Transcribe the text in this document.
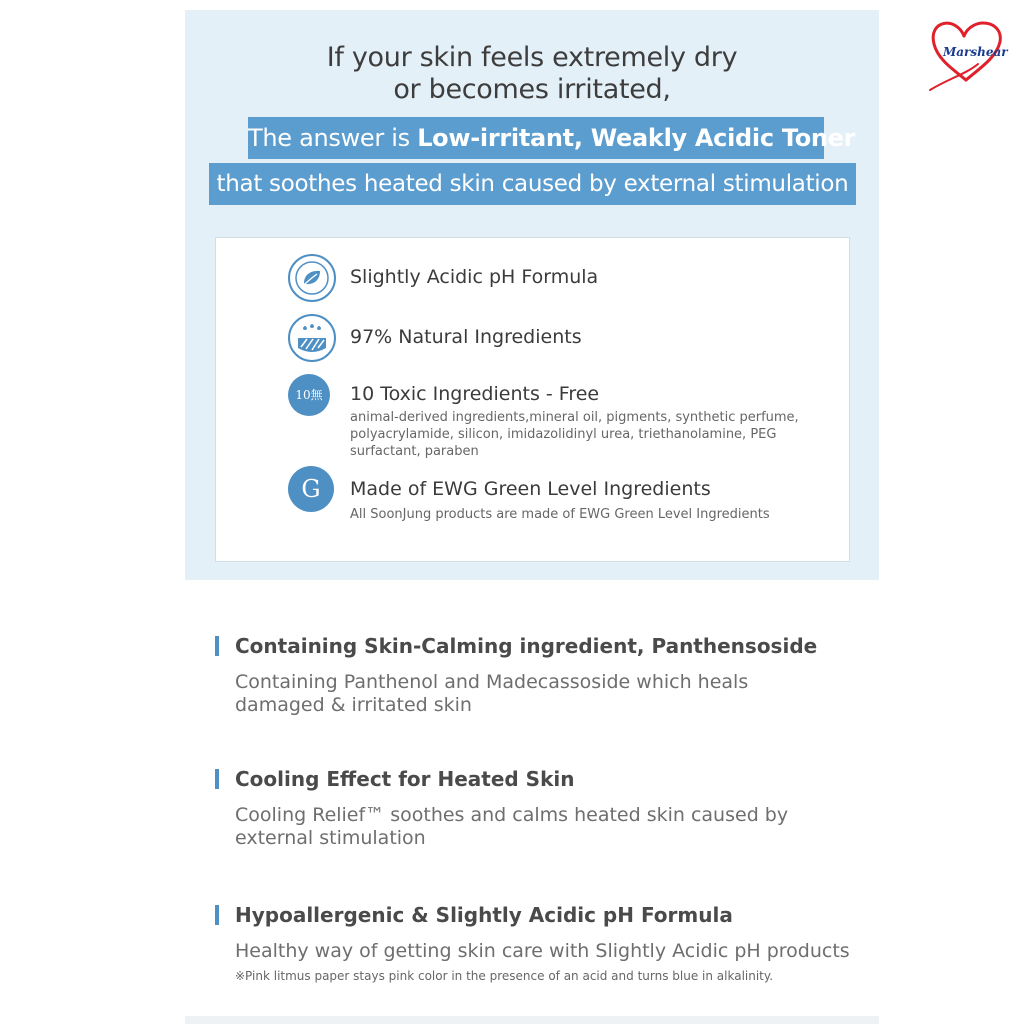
If your skin feels extremely dry
or becomes irritated,
The answer is Low-irritant, Weakly Acidic Toner
that soothes heated skin caused by external stimulation
Slightly Acidic pH Formula
97% Natural Ingredients
10無	10 Toxic Ingredients - Free
animal-derived ingredients,mineral oil, pigments, synthetic perfume, polyacrylamide, silicon, imidazolidinyl urea, triethanolamine, PEG surfactant, paraben
G	Made of EWG Green Level Ingredients
All SoonJung products are made of EWG Green Level Ingredients
Containing Skin-Calming ingredient, Panthensoside
Containing Panthenol and Madecassoside which heals damaged & irritated skin
Cooling Effect for Heated Skin
Cooling Relief™ soothes and calms heated skin caused by external stimulation
Hypoallergenic & Slightly Acidic pH Formula
Healthy way of getting skin care with Slightly Acidic pH products
※Pink litmus paper stays pink color in the presence of an acid and turns blue in alkalinity.
Marshear
